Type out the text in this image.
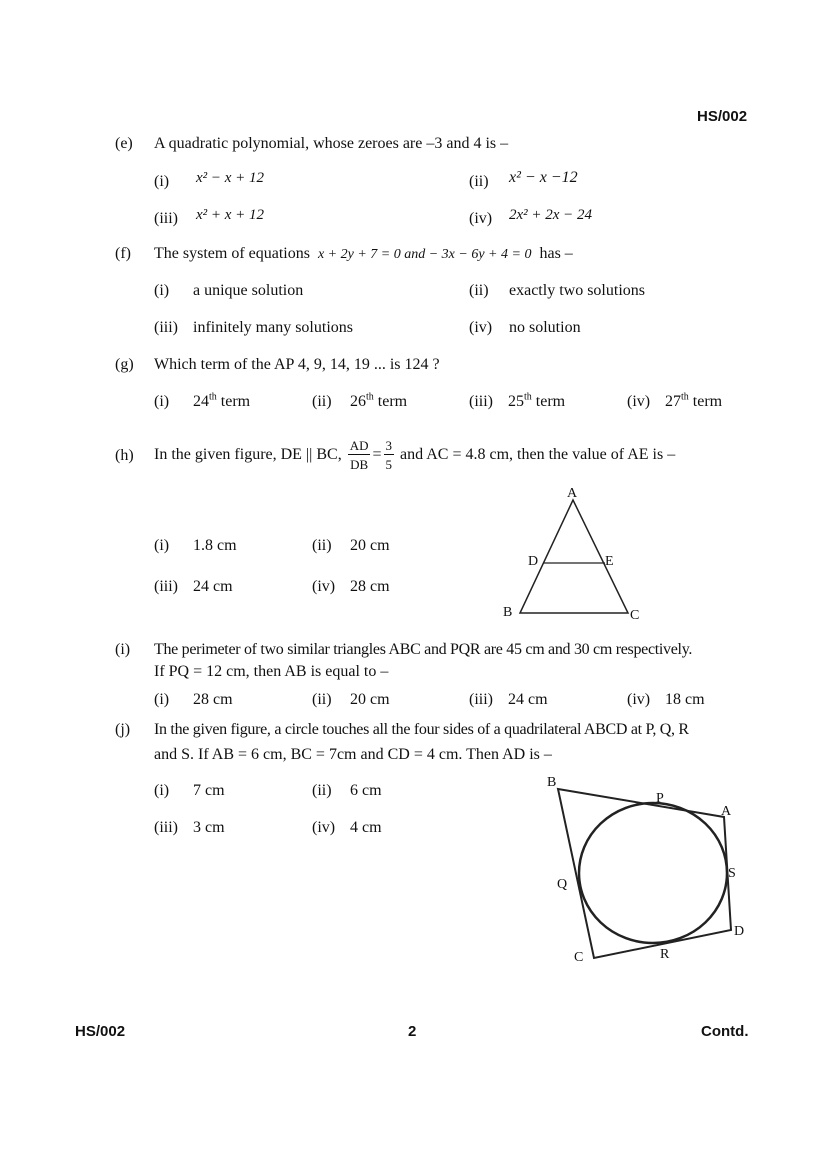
HS/002
(e) A quadratic polynomial, whose zeroes are –3 and 4 is –
(i) x² − x + 12	(ii) x² − x −12
(iii) x² + x + 12	(iv) 2x² + 2x − 24
(f) The system of equations x + 2y + 7 = 0 and − 3x − 6y + 4 = 0 has –
(i) a unique solution	(ii) exactly two solutions
(iii) infinitely many solutions	(iv) no solution
(g) Which term of the AP 4, 9, 14, 19 ... is 124 ?
(i) 24th term	(ii) 26th term	(iii) 25th term	(iv) 27th term
(h) In the given figure, DE || BC, $\frac{AD}{DB} = \frac{3}{5}$ and AC = 4.8 cm, then the value of AE is –
(i) 1.8 cm	(ii) 20 cm
(iii) 24 cm	(iv) 28 cm
A
D	E
B	C
(i) The perimeter of two similar triangles ABC and PQR are 45 cm and 30 cm respectively.
If PQ = 12 cm, then AB is equal to –
(i) 28 cm	(ii) 20 cm	(iii) 24 cm	(iv) 18 cm
(j) In the given figure, a circle touches all the four sides of a quadrilateral ABCD at P, Q, R
and S. If AB = 6 cm, BC = 7cm and CD = 4 cm. Then AD is –
(i) 7 cm	(ii) 6 cm
(iii) 3 cm	(iv) 4 cm
B
P
A
Q
S
D
R
C
HS/002	2	Contd.
